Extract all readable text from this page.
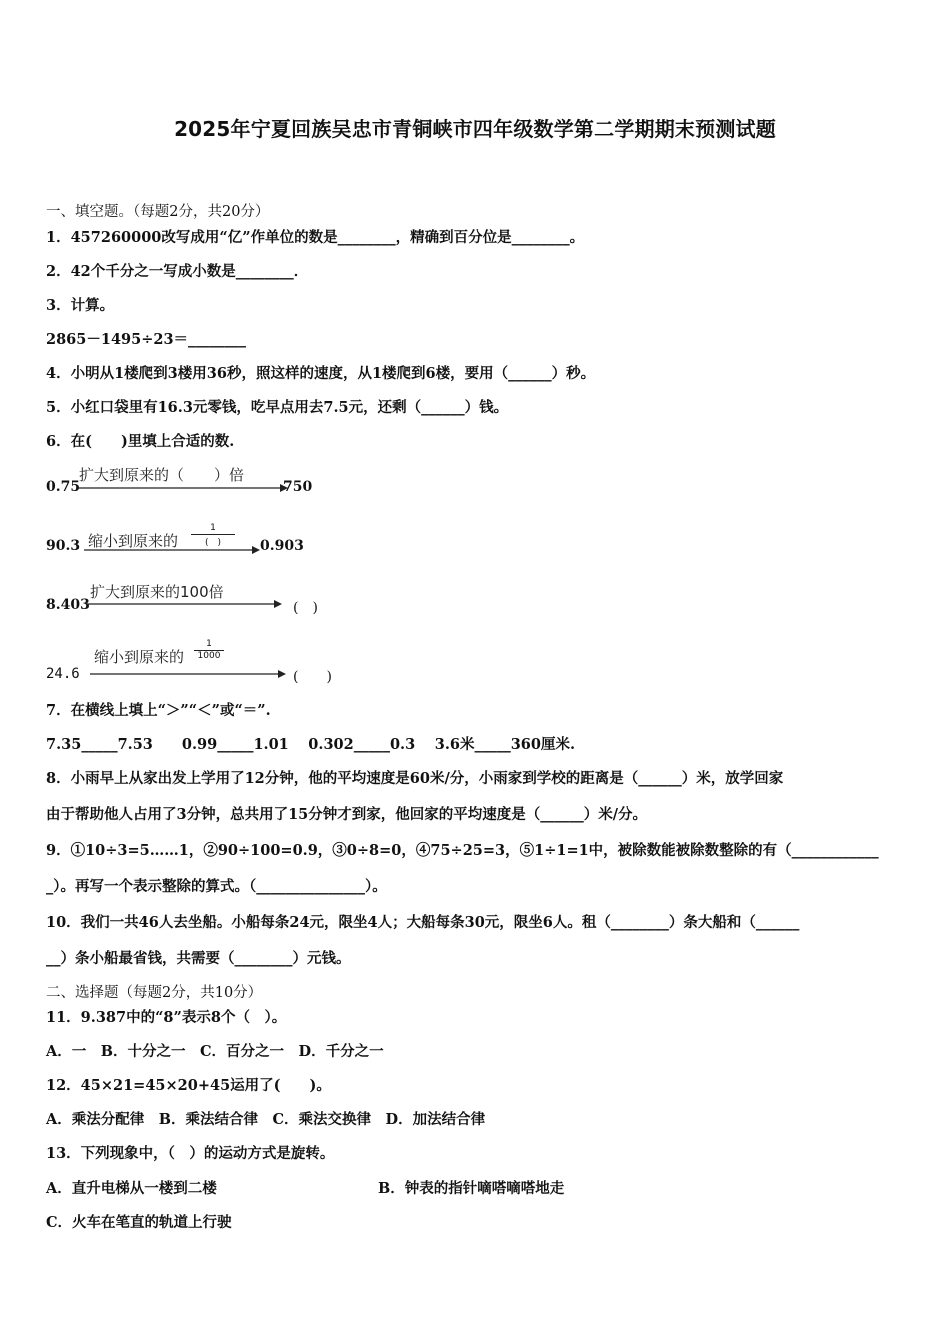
2025年宁夏回族吴忠市青铜峡市四年级数学第二学期期末预测试题
一、填空题。（每题2分，共20分）
1．457260000改写成用“亿”作单位的数是________，精确到百分位是________。
2．42个千分之一写成小数是________．
3．计算。
2865－1495÷23＝________
4．小明从1楼爬到3楼用36秒，照这样的速度，从1楼爬到6楼，要用（______）秒。
5．小红口袋里有16.3元零钱，吃早点用去7.5元，还剩（______）钱。
6．在(　　)里填上合适的数.
0.75
扩大到原来的（　　）倍
750
90.3 缩小到原来的
1
(　)	0.903
8.403
扩大到原来的100倍
(　)
24.6
缩小到原来的 $\frac{1}{1000}$
(　　)
7．在横线上填上“＞”“＜”或“＝”.
7.35_____7.53　　0.99_____1.01　 0.302_____0.3　 3.6米_____360厘米.
8．小雨早上从家出发上学用了12分钟，他的平均速度是60米/分，小雨家到学校的距离是（______）米，放学回家
由于帮助他人占用了3分钟，总共用了15分钟才到家，他回家的平均速度是（______）米/分。
9．①10÷3=5……1，②90÷100=0.9，③0÷8=0，④75÷25=3，⑤1÷1=1中，被除数能被除数整除的有（____________
_）。再写一个表示整除的算式。（_______________）。
10．我们一共46人去坐船。小船每条24元，限坐4人；大船每条30元，限坐6人。租（________）条大船和（______
__）条小船最省钱，共需要（________）元钱。
二、选择题（每题2分，共10分）
11．9.387中的“8”表示8个（　）。
A．一　B．十分之一　C．百分之一　D．千分之一
12．45×21=45×20+45运用了(　　)。
A．乘法分配律　B．乘法结合律　C．乘法交换律　D．加法结合律
13．下列现象中，（　）的运动方式是旋转。
A．直升电梯从一楼到二楼	B．钟表的指针嘀嗒嘀嗒地走
C．火车在笔直的轨道上行驶
